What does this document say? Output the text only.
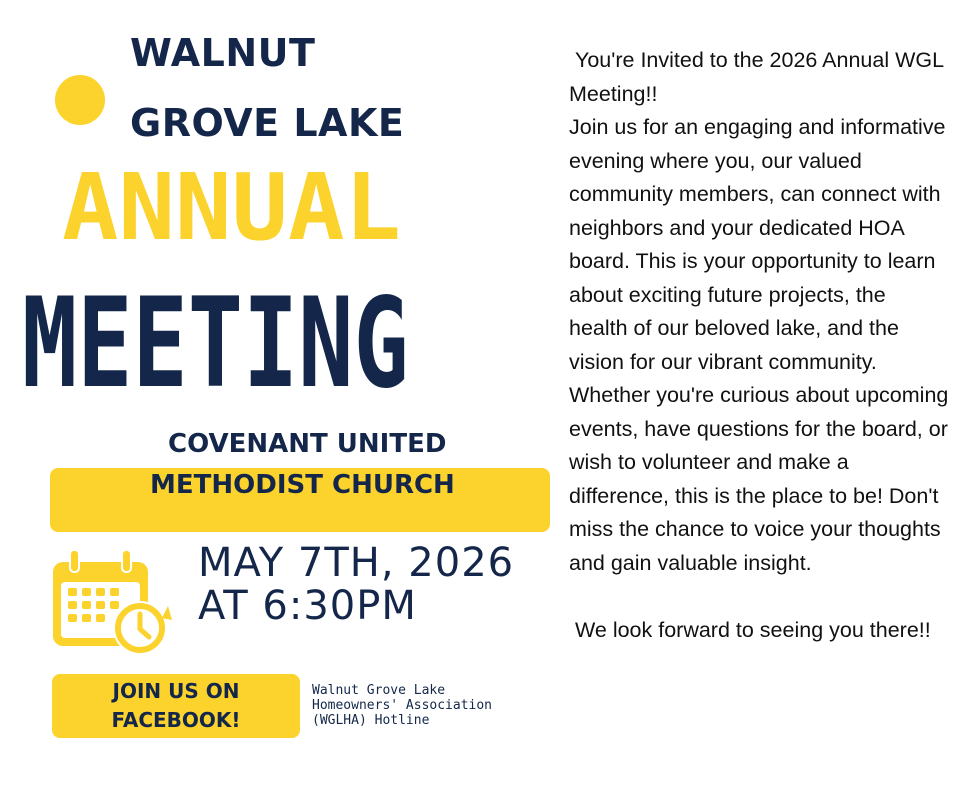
WALNUT
GROVE LAKE
ANNUAL
MEETING
COVENANT UNITED
METHODIST CHURCH
MAY 7TH, 2026
AT 6:30PM
JOIN US ON
FACEBOOK!

Walnut Grove Lake
Homeowners' Association
(WGLHA) Hotline

You're Invited to the 2026 Annual WGL Meeting!!

Join us for an engaging and informative evening where you, our valued community members, can connect with neighbors and your dedicated HOA board. This is your opportunity to learn about exciting future projects, the health of our beloved lake, and the vision for our vibrant community. Whether you're curious about upcoming events, have questions for the board, or wish to volunteer and make a difference, this is the place to be! Don't miss the chance to voice your thoughts and gain valuable insight.

We look forward to seeing you there!!
